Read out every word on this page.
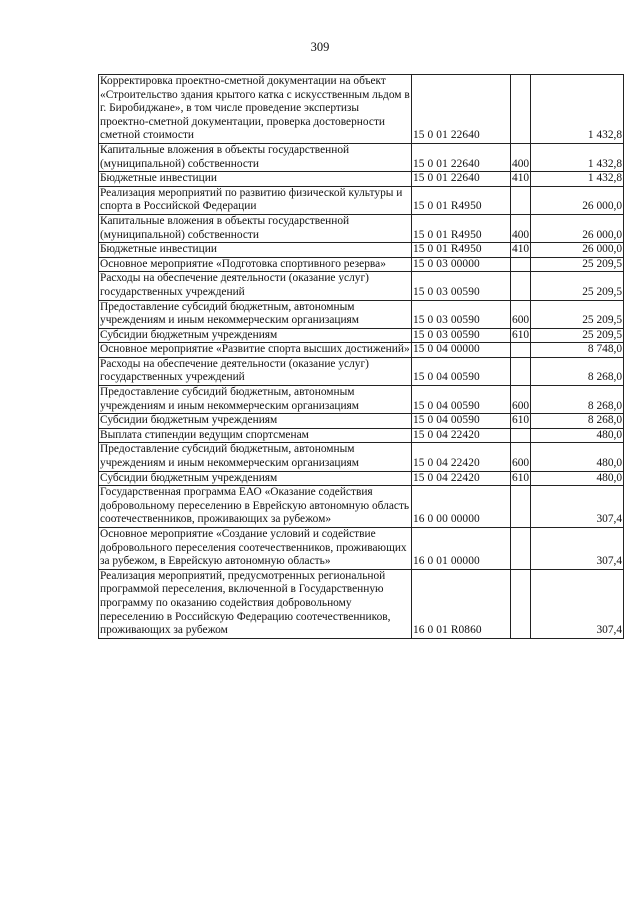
309
Корректировка проектно-сметной документации на объект «Строительство здания крытого катка с искусственным льдом в г. Биробиджане», в том числе проведение экспертизы проектно-сметной документации, проверка достоверности сметной стоимости	15 0 01 22640		1 432,8
Капитальные вложения в объекты государственной (муниципальной) собственности	15 0 01 22640	400	1 432,8
Бюджетные инвестиции	15 0 01 22640	410	1 432,8
Реализация мероприятий по развитию физической культуры и спорта в Российской Федерации	15 0 01 R4950		26 000,0
Капитальные вложения в объекты государственной (муниципальной) собственности	15 0 01 R4950	400	26 000,0
Бюджетные инвестиции	15 0 01 R4950	410	26 000,0
Основное мероприятие «Подготовка спортивного резерва»	15 0 03 00000		25 209,5
Расходы на обеспечение деятельности (оказание услуг) государственных учреждений	15 0 03 00590		25 209,5
Предоставление субсидий бюджетным, автономным учреждениям и иным некоммерческим организациям	15 0 03 00590	600	25 209,5
Субсидии бюджетным учреждениям	15 0 03 00590	610	25 209,5
Основное мероприятие «Развитие спорта высших достижений»	15 0 04 00000		8 748,0
Расходы на обеспечение деятельности (оказание услуг) государственных учреждений	15 0 04 00590		8 268,0
Предоставление субсидий бюджетным, автономным учреждениям и иным некоммерческим организациям	15 0 04 00590	600	8 268,0
Субсидии бюджетным учреждениям	15 0 04 00590	610	8 268,0
Выплата стипендии ведущим спортсменам	15 0 04 22420		480,0
Предоставление субсидий бюджетным, автономным учреждениям и иным некоммерческим организациям	15 0 04 22420	600	480,0
Субсидии бюджетным учреждениям	15 0 04 22420	610	480,0
Государственная программа ЕАО «Оказание содействия добровольному переселению в Еврейскую автономную область соотечественников, проживающих за рубежом»	16 0 00 00000		307,4
Основное мероприятие «Создание условий и содействие добровольного переселения соотечественников, проживающих за рубежом, в Еврейскую автономную область»	16 0 01 00000		307,4
Реализация мероприятий, предусмотренных региональной программой переселения, включенной в Государственную программу по оказанию содействия добровольному переселению в Российскую Федерацию соотечественников, проживающих за рубежом	16 0 01 R0860		307,4
